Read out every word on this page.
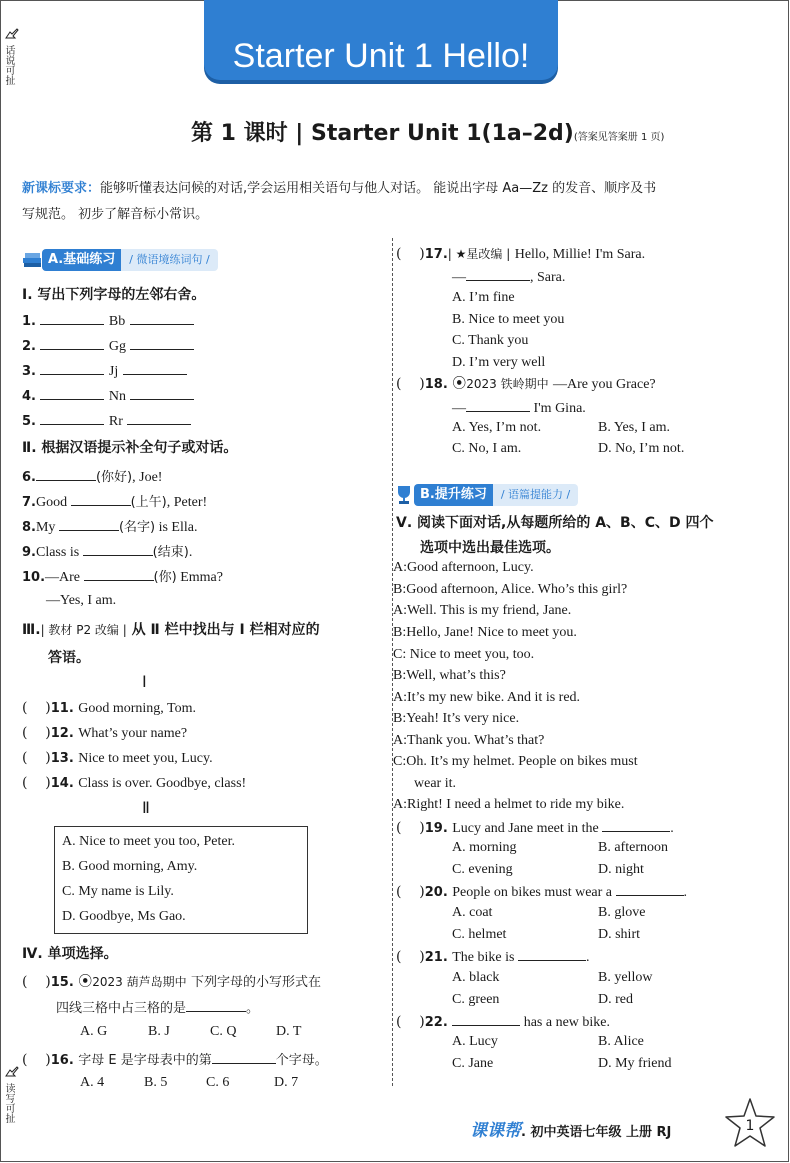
Starter Unit 1 Hello!
话说可扯
读写可扯
第 1 课时 | Starter Unit 1(1a–2d)(答案见答案册 1 页)
新课标要求：能够听懂表达问候的对话,学会运用相关语句与他人对话。 能说出字母 Aa—Zz 的发音、顺序及书
写规范。 初步了解音标小常识。
A.基础练习 / 微语境练词句 /
Ⅰ. 写出下列字母的左邻右舍。
1.	Bb
2.	Gg
3.	Jj
4.	Nn
5.	Rr
Ⅱ. 根据汉语提示补全句子或对话。
6.	(你好), Joe!
7.Good	(上午), Peter!
8.My	(名字) is Ella.
9.Class is	(结束).
10.—Are	(你) Emma?
—Yes, I am.
Ⅲ.| 教材 P2 改编 | 从 Ⅱ 栏中找出与 Ⅰ 栏相对应的
答语。
Ⅰ
(    )11. Good morning, Tom.
(    )12. What’s your name?
(    )13. Nice to meet you, Lucy.
(    )14. Class is over. Goodbye, class!
Ⅱ
A. Nice to meet you too, Peter.
B. Good morning, Amy.
C. My name is Lily.
D. Goodbye, Ms Gao.
Ⅳ. 单项选择。
(    )15. ⦿2023 葫芦岛期中 下列字母的小写形式在
四线三格中占三格的是	。
A. G	B. J	C. Q	D. T
(    )16. 字母 E 是字母表中的第	个字母。
A. 4	B. 5	C. 6	D. 7
(    )17.| ★星改编 | Hello, Millie! I'm Sara.
—	, Sara.
A. I’m fine
B. Nice to meet you
C. Thank you
D. I’m very well
(    )18. ⦿2023 铁岭期中 —Are you Grace?
—	I'm Gina.
A. Yes, I’m not.	B. Yes, I am.
C. No, I am.	D. No, I’m not.
B.提升练习 / 语篇提能力 /
Ⅴ. 阅读下面对话,从每题所给的 A、B、C、D 四个
选项中选出最佳选项。
A:Good afternoon, Lucy.
B:Good afternoon, Alice. Who’s this girl?
A:Well. This is my friend, Jane.
B:Hello, Jane! Nice to meet you.
C: Nice to meet you, too.
B:Well, what’s this?
A:It’s my new bike. And it is red.
B:Yeah! It’s very nice.
A:Thank you. What’s that?
C:Oh. It’s my helmet. People on bikes must
wear it.
A:Right! I need a helmet to ride my bike.
(    )19. Lucy and Jane meet in the	.
A. morning	B. afternoon
C. evening	D. night
(    )20. People on bikes must wear a	.
A. coat	B. glove
C. helmet	D. shirt
(    )21. The bike is	.
A. black	B. yellow
C. green	D. red
(    )22.	has a new bike.
A. Lucy	B. Alice
C. Jane	D. My friend
课课帮. 初中英语七年级 上册 RJ	1
